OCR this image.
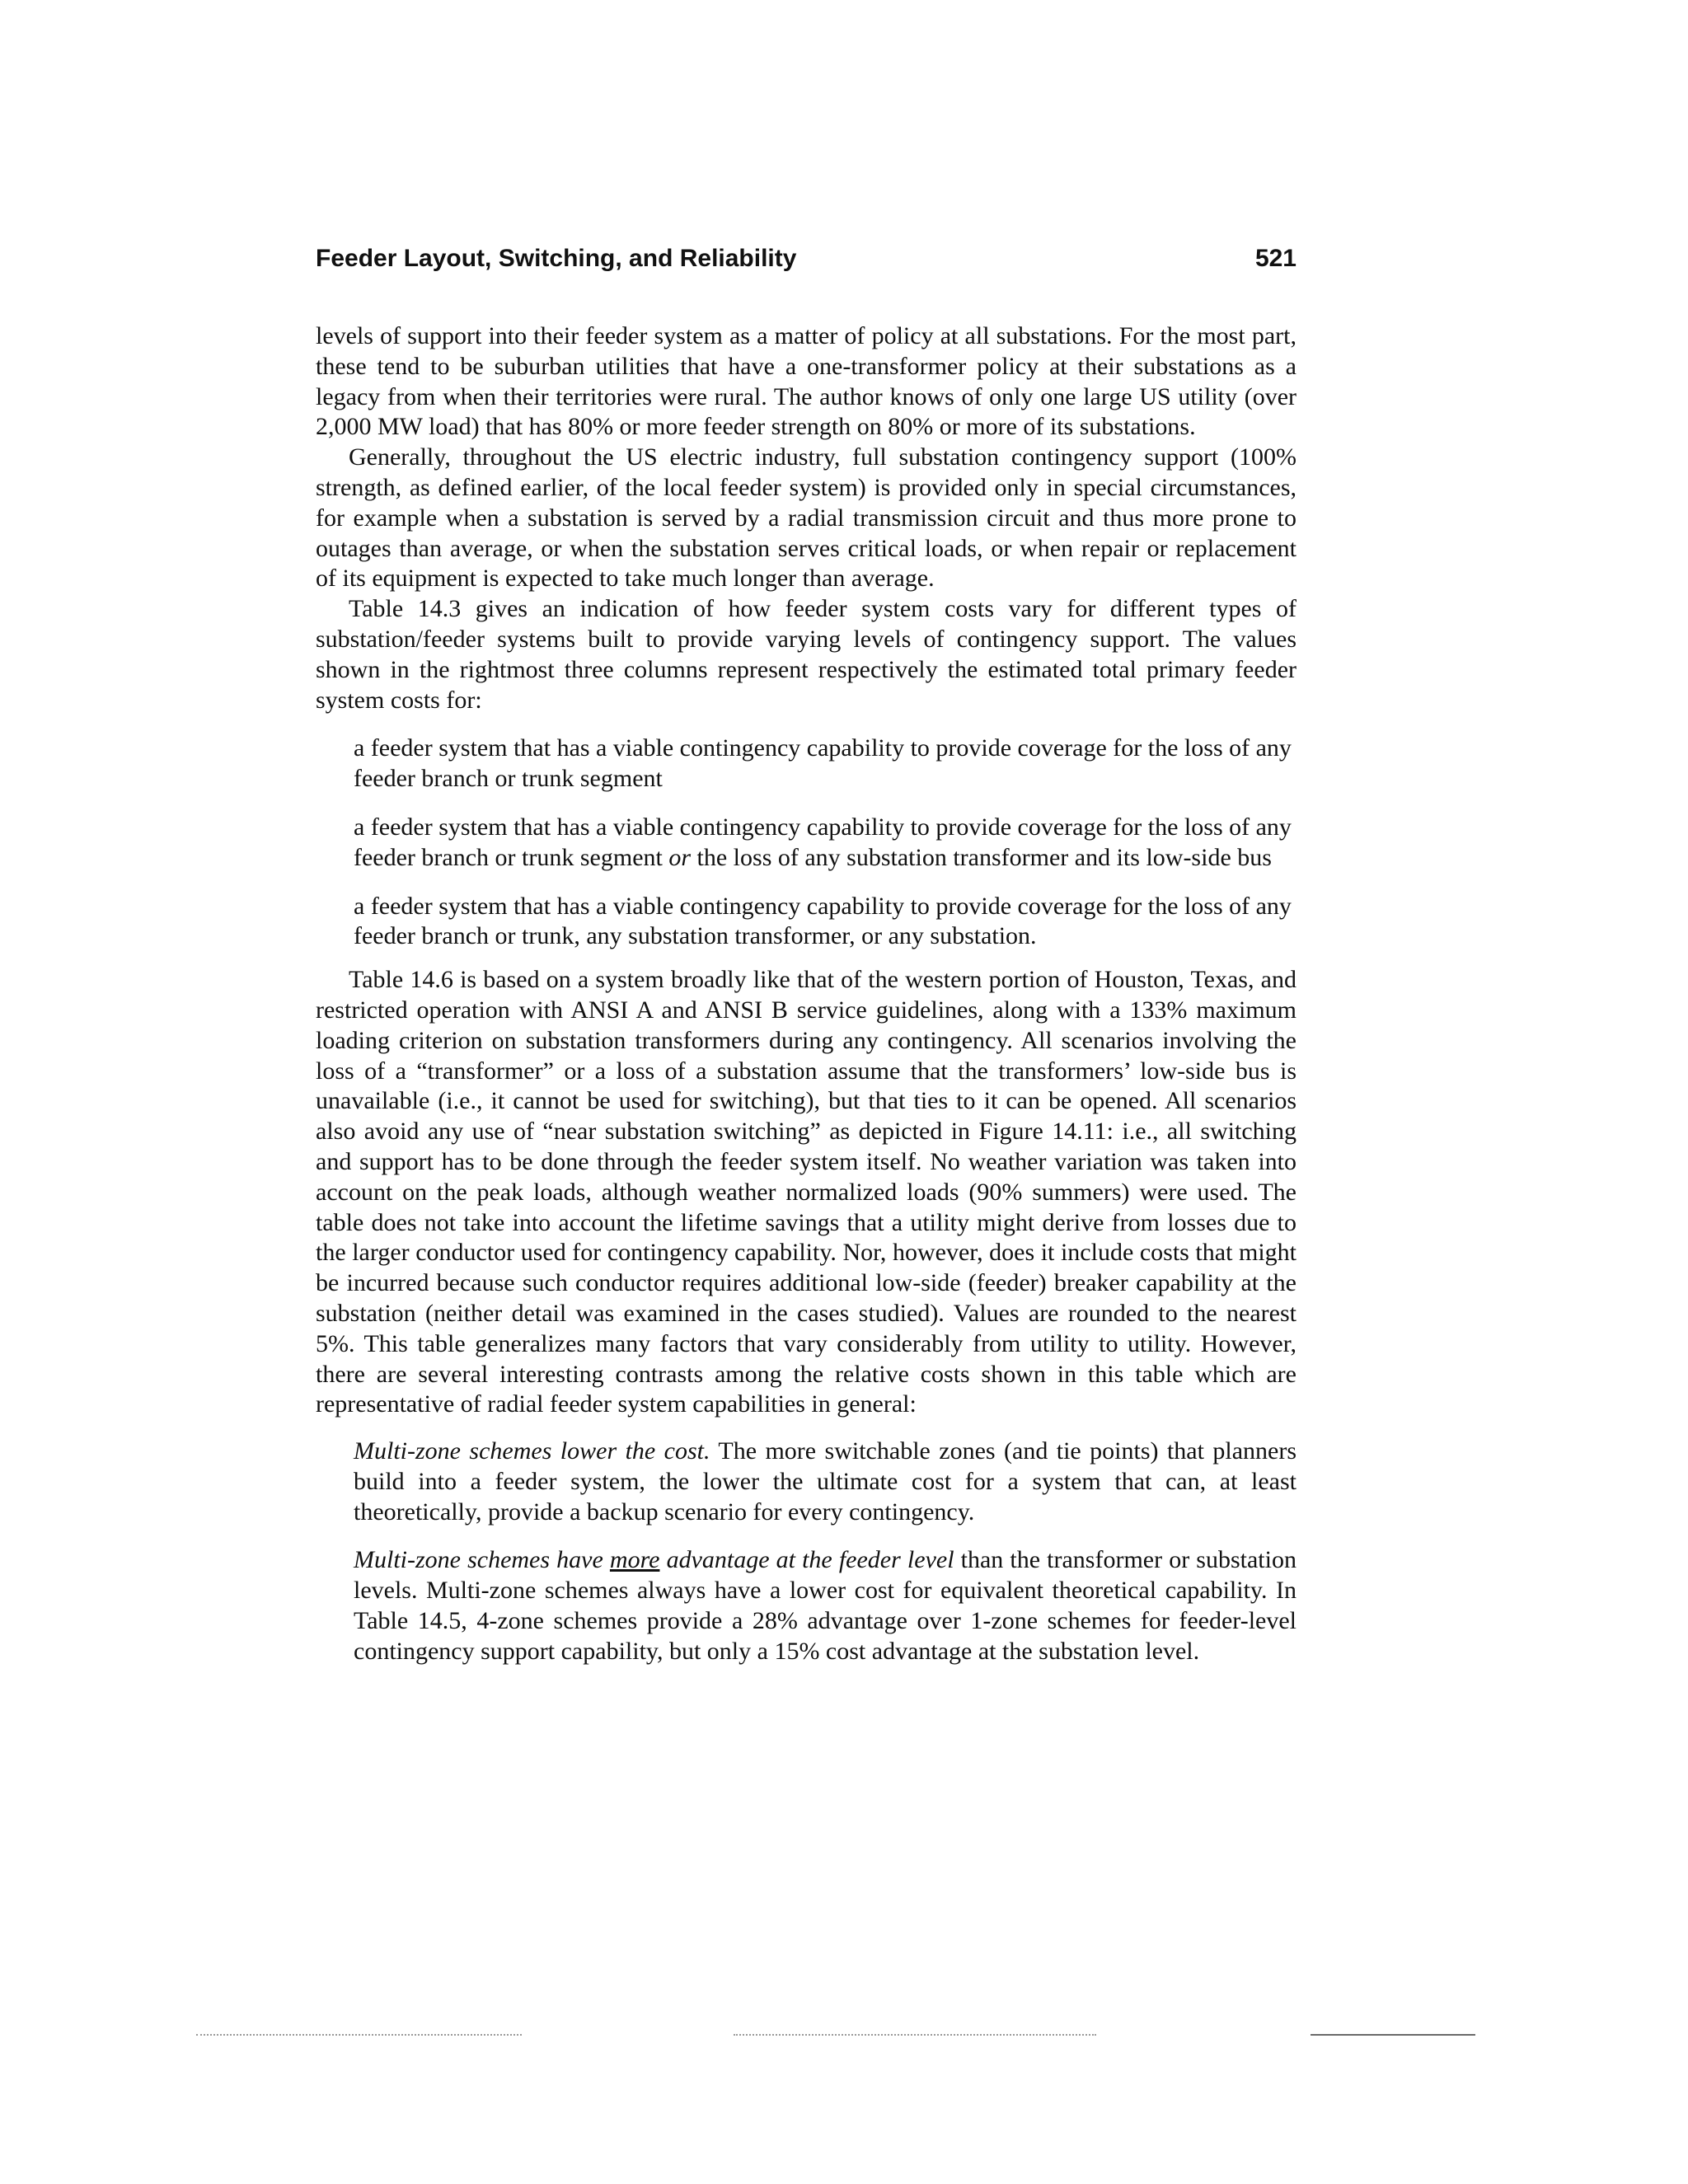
Feeder Layout, Switching, and Reliability	521

levels of support into their feeder system as a matter of policy at all substations. For the most part, these tend to be suburban utilities that have a one-transformer policy at their substations as a legacy from when their territories were rural. The author knows of only one large US utility (over 2,000 MW load) that has 80% or more feeder strength on 80% or more of its substations.

Generally, throughout the US electric industry, full substation contingency support (100% strength, as defined earlier, of the local feeder system) is provided only in special circumstances, for example when a substation is served by a radial transmission circuit and thus more prone to outages than average, or when the substation serves critical loads, or when repair or replacement of its equipment is expected to take much longer than average.

Table 14.3 gives an indication of how feeder system costs vary for different types of substation/feeder systems built to provide varying levels of contingency support. The values shown in the rightmost three columns represent respectively the estimated total primary feeder system costs for:

a feeder system that has a viable contingency capability to provide coverage for the loss of any feeder branch or trunk segment

a feeder system that has a viable contingency capability to provide coverage for the loss of any feeder branch or trunk segment or the loss of any substation transformer and its low-side bus

a feeder system that has a viable contingency capability to provide coverage for the loss of any feeder branch or trunk, any substation transformer, or any substation.

Table 14.6 is based on a system broadly like that of the western portion of Houston, Texas, and restricted operation with ANSI A and ANSI B service guidelines, along with a 133% maximum loading criterion on substation transformers during any contingency. All scenarios involving the loss of a “transformer” or a loss of a substation assume that the transformers’ low-side bus is unavailable (i.e., it cannot be used for switching), but that ties to it can be opened. All scenarios also avoid any use of “near substation switching” as depicted in Figure 14.11: i.e., all switching and support has to be done through the feeder system itself. No weather variation was taken into account on the peak loads, although weather normalized loads (90% summers) were used. The table does not take into account the lifetime savings that a utility might derive from losses due to the larger conductor used for contingency capability. Nor, however, does it include costs that might be incurred because such conductor requires additional low-side (feeder) breaker capability at the substation (neither detail was examined in the cases studied). Values are rounded to the nearest 5%. This table generalizes many factors that vary considerably from utility to utility. However, there are several interesting contrasts among the relative costs shown in this table which are representative of radial feeder system capabilities in general:

Multi-zone schemes lower the cost. The more switchable zones (and tie points) that planners build into a feeder system, the lower the ultimate cost for a system that can, at least theoretically, provide a backup scenario for every contingency.

Multi-zone schemes have more advantage at the feeder level than the transformer or substation levels. Multi-zone schemes always have a lower cost for equivalent theoretical capability. In Table 14.5, 4-zone schemes provide a 28% advantage over 1-zone schemes for feeder-level contingency support capability, but only a 15% cost advantage at the substation level.
